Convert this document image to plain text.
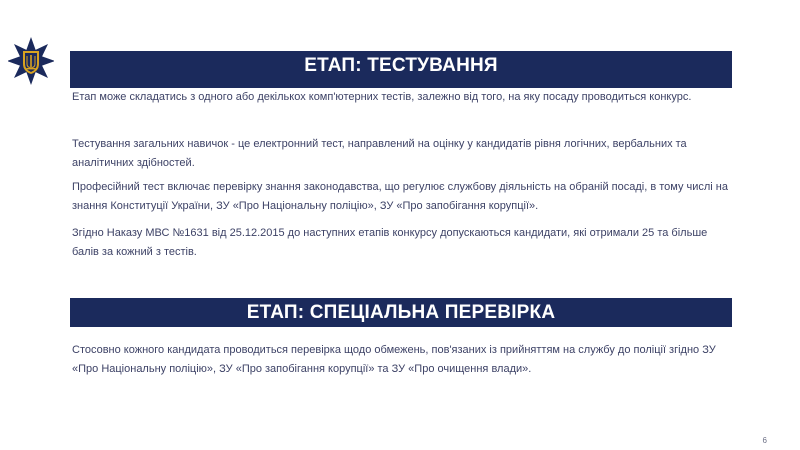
ЕТАП: ТЕСТУВАННЯ

Етап може складатись з одного або декількох комп'ютерних тестів, залежно від того, на яку посаду проводиться конкурс.

Тестування загальних навичок - це електронний тест, направлений на оцінку у кандидатів рівня логічних, вербальних та аналітичних здібностей.

Професійний тест включає перевірку знання законодавства, що регулює службову діяльність на обраній посаді, в тому числі на знання Конституції України, ЗУ «Про Національну поліцію», ЗУ «Про запобігання корупції».

Згідно Наказу МВС №1631 від 25.12.2015 до наступних етапів конкурсу допускаються кандидати, які отримали 25 та більше балів за кожний з тестів.

ЕТАП: СПЕЦІАЛЬНА ПЕРЕВІРКА

Стосовно кожного кандидата проводиться перевірка щодо обмежень, пов'язаних із прийняттям на службу до поліції згідно ЗУ «Про Національну поліцію», ЗУ «Про запобігання корупції» та ЗУ «Про очищення влади».

6
